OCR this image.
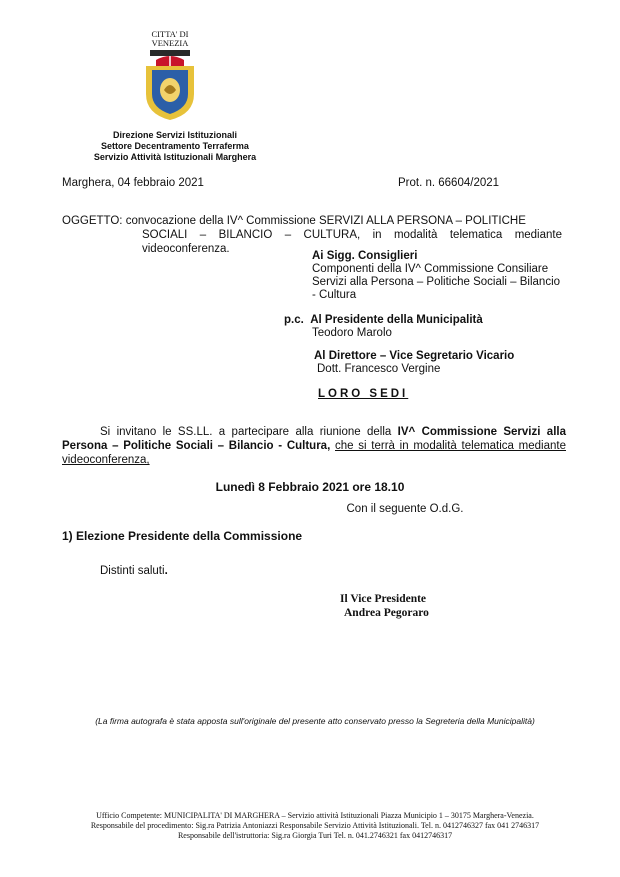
CITTA' DI
VENEZIA
Direzione Servizi Istituzionali
Settore Decentramento Terraferma
Servizio Attività Istituzionali Marghera
Marghera, 04 febbraio 2021	Prot. n. 66604/2021
OGGETTO: convocazione della IV^ Commissione SERVIZI ALLA PERSONA – POLITICHE
SOCIALI – BILANCIO – CULTURA, in modalità telematica mediante videoconferenza.
Ai Sigg. Consiglieri
Componenti della IV^ Commissione Consiliare
Servizi alla Persona – Politiche Sociali – Bilancio
- Cultura
p.c. Al Presidente della Municipalità
Teodoro Marolo
Al Direttore – Vice Segretario Vicario
Dott. Francesco Vergine
LORO SEDI
Si invitano le SS.LL. a partecipare alla riunione della IV^ Commissione Servizi alla Persona – Politiche Sociali – Bilancio - Cultura, che si terrà in modalità telematica mediante videoconferenza,
Lunedì 8 Febbraio 2021 ore 18.10
Con il seguente O.d.G.
1) Elezione Presidente della Commissione
Distinti saluti.
Il Vice Presidente
Andrea Pegoraro
(La firma autografa è stata apposta sull'originale del presente atto conservato presso la Segreteria della Municipalità)
Ufficio Competente: MUNICIPALITA' DI MARGHERA – Servizio attività Istituzionali Piazza Municipio 1 – 30175 Marghera-Venezia.
Responsabile del procedimento: Sig.ra Patrizia Antoniazzi Responsabile Servizio Attività Istituzionali. Tel. n. 0412746327 fax 041 2746317
Responsabile dell'istruttoria: Sig.ra Giorgia Turi Tel. n. 041.2746321 fax 0412746317
